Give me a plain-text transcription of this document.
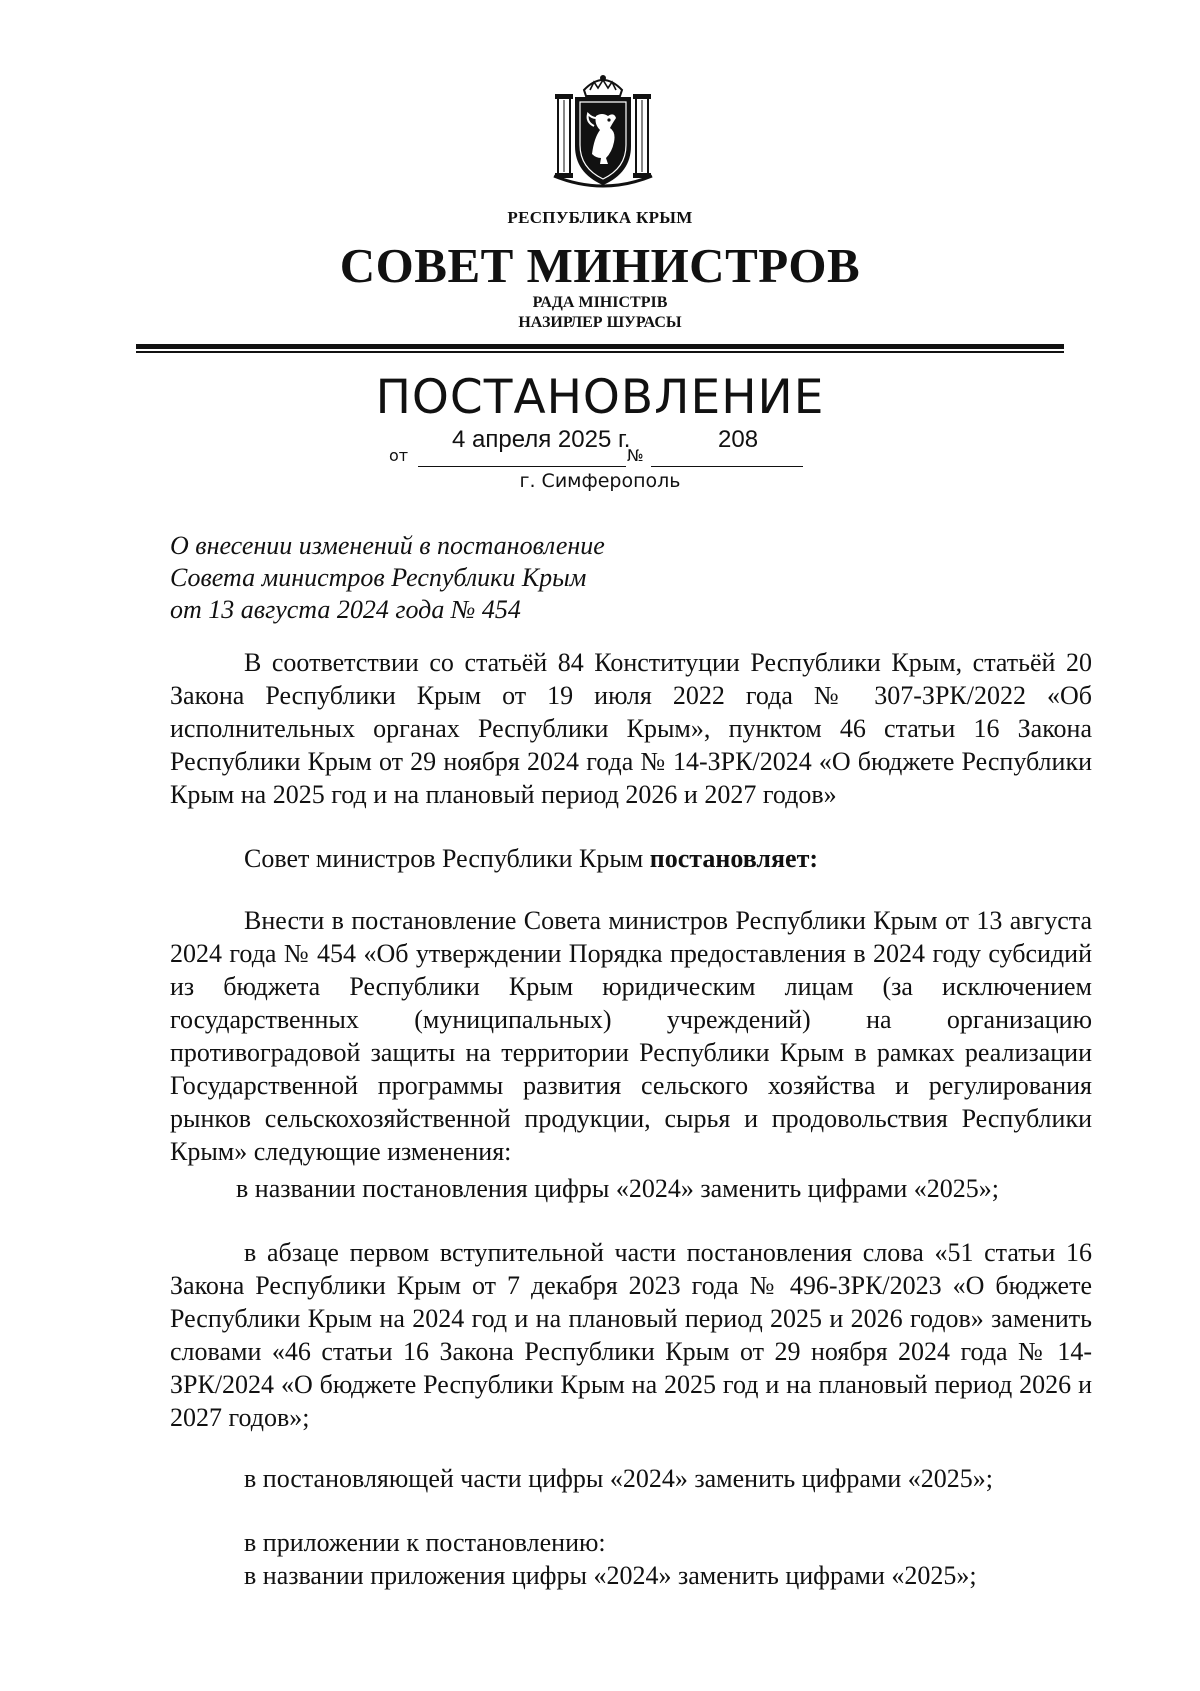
РЕСПУБЛИКА КРЫМ
СОВЕТ МИНИСТРОВ
РАДА МІНІСТРІВ
НАЗИРЛЕР ШУРАСЫ
ПОСТАНОВЛЕНИЕ
4 апреля 2025 г.	208
от	№
г. Симферополь
О внесении изменений в постановление
Совета министров Республики Крым
от 13 августа 2024 года № 454
В соответствии со статьёй 84 Конституции Республики Крым, статьёй 20 Закона Республики Крым от 19 июля 2022 года № 307-ЗРК/2022 «Об исполнительных органах Республики Крым», пунктом 46 статьи 16 Закона Республики Крым от 29 ноября 2024 года № 14-ЗРК/2024 «О бюджете Республики Крым на 2025 год и на плановый период 2026 и 2027 годов»
Совет министров Республики Крым постановляет:
Внести в постановление Совета министров Республики Крым от 13 августа 2024 года № 454 «Об утверждении Порядка предоставления в 2024 году субсидий из бюджета Республики Крым юридическим лицам (за исключением государственных (муниципальных) учреждений) на организацию противоградовой защиты на территории Республики Крым в рамках реализации Государственной программы развития сельского хозяйства и регулирования рынков сельскохозяйственной продукции, сырья и продовольствия Республики Крым» следующие изменения:
в названии постановления цифры «2024» заменить цифрами «2025»;
в абзаце первом вступительной части постановления слова «51 статьи 16 Закона Республики Крым от 7 декабря 2023 года № 496-ЗРК/2023 «О бюджете Республики Крым на 2024 год и на плановый период 2025 и 2026 годов» заменить словами «46 статьи 16 Закона Республики Крым от 29 ноября 2024 года № 14-ЗРК/2024 «О бюджете Республики Крым на 2025 год и на плановый период 2026 и 2027 годов»;
в постановляющей части цифры «2024» заменить цифрами «2025»;
в приложении к постановлению:
в названии приложения цифры «2024» заменить цифрами «2025»;
